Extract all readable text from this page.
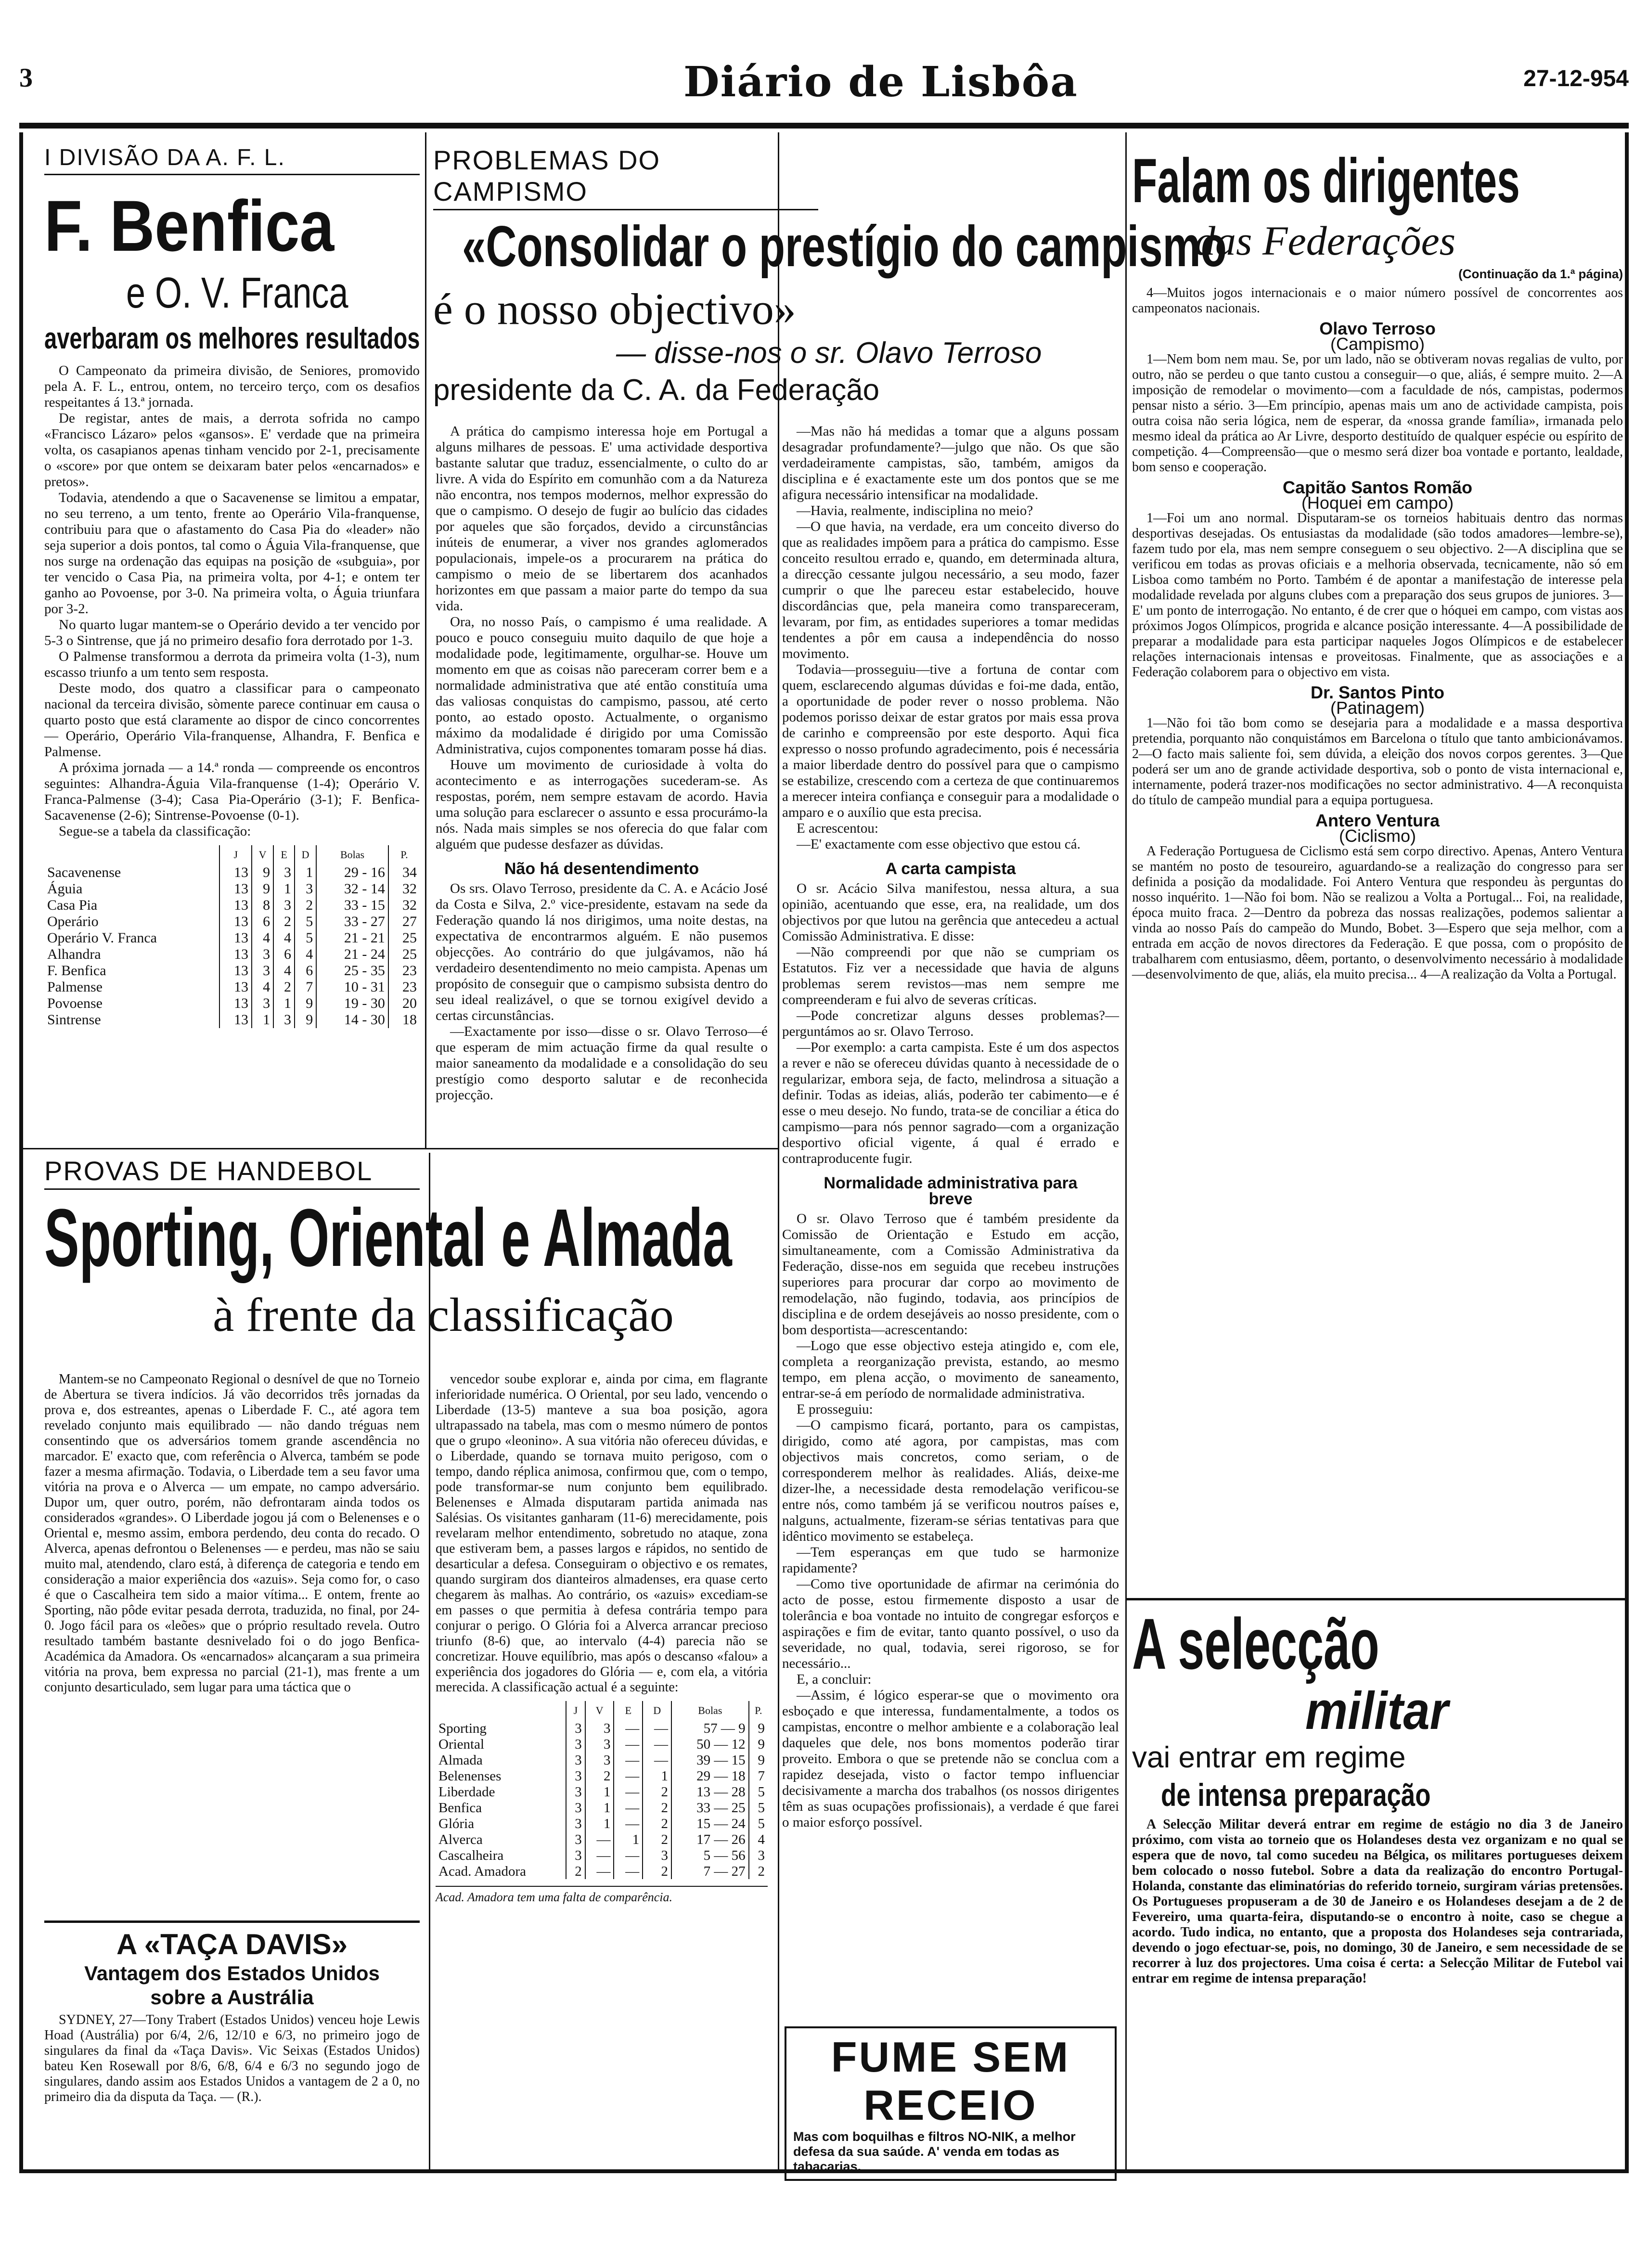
3	Diário de Lisbôa	27-12-954
I DIVISÃO DA A. F. L.
F. Benfica
e O. V. Franca
averbaram os melhores resultados

O Campeonato da primeira divisão, de Seniores, promovido pela A. F. L., entrou, ontem, no terceiro terço, com os desafios respeitantes á 13.ª jornada.

De registar, antes de mais, a derrota sofrida no campo «Francisco Lázaro» pelos «gansos». E' verdade que na primeira volta, os casapianos apenas tinham vencido por 2-1, precisamente o «score» por que ontem se deixaram bater pelos «encarnados» e pretos».

Todavia, atendendo a que o Sacavenense se limitou a empatar, no seu terreno, a um tento, frente ao Operário Vila-franquense, contribuiu para que o afastamento do Casa Pia do «leader» não seja superior a dois pontos, tal como o Águia Vila-franquense, que nos surge na ordenação das equipas na posição de «subguia», por ter vencido o Casa Pia, na primeira volta, por 4-1; e ontem ter ganho ao Povoense, por 3-0. Na primeira volta, o Águia triunfara por 3-2.

No quarto lugar mantem-se o Operário devido a ter vencido por 5-3 o Sintrense, que já no primeiro desafio fora derrotado por 1-3.

O Palmense transformou a derrota da primeira volta (1-3), num escasso triunfo a um tento sem resposta.

Deste modo, dos quatro a classificar para o campeonato nacional da terceira divisão, sòmente parece continuar em causa o quarto posto que está claramente ao dispor de cinco concorrentes — Operário, Operário Vila-franquense, Alhandra, F. Benfica e Palmense.

A próxima jornada — a 14.ª ronda — compreende os encontros seguintes: Alhandra-Águia Vila-franquense (1-4); Operário V. Franca-Palmense (3-4); Casa Pia-Operário (3-1); F. Benfica-Sacavenense (2-6); Sintrense-Povoense (0-1).

Segue-se a tabela da classificação:

	J	V	E	D	Bolas	P.
Sacavenense	13	9	3	1	29 - 16	34
Águia	13	9	1	3	32 - 14	32
Casa Pia	13	8	3	2	33 - 15	32
Operário	13	6	2	5	33 - 27	27
Operário V. Franca	13	4	4	5	21 - 21	25
Alhandra	13	3	6	4	21 - 24	25
F. Benfica	13	3	4	6	25 - 35	23
Palmense	13	4	2	7	10 - 31	23
Povoense	13	3	1	9	19 - 30	20
Sintrense	13	1	3	9	14 - 30	18
PROBLEMAS DO CAMPISMO
«Consolidar o prestígio do campismo
é o nosso objectivo»
— disse-nos o sr. Olavo Terroso
presidente da C. A. da Federação

A prática do campismo interessa hoje em Portugal a alguns milhares de pessoas. E' uma actividade desportiva bastante salutar que traduz, essencialmente, o culto do ar livre. A vida do Espírito em comunhão com a da Natureza não encontra, nos tempos modernos, melhor expressão do que o campismo. O desejo de fugir ao bulício das cidades por aqueles que são forçados, devido a circunstâncias inúteis de enumerar, a viver nos grandes aglomerados populacionais, impele-os a procurarem na prática do campismo o meio de se libertarem dos acanhados horizontes em que passam a maior parte do tempo da sua vida.

Ora, no nosso País, o campismo é uma realidade. A pouco e pouco conseguiu muito daquilo de que hoje a modalidade pode, legitimamente, orgulhar-se. Houve um momento em que as coisas não pareceram correr bem e a normalidade administrativa que até então constituía uma das valiosas conquistas do campismo, passou, até certo ponto, ao estado oposto. Actualmente, o organismo máximo da modalidade é dirigido por uma Comissão Administrativa, cujos componentes tomaram posse há dias.

Houve um movimento de curiosidade à volta do acontecimento e as interrogações sucederam-se. As respostas, porém, nem sempre estavam de acordo. Havia uma solução para esclarecer o assunto e essa procurámo-la nós. Nada mais simples se nos oferecia do que falar com alguém que pudesse desfazer as dúvidas.

Não há desentendimento

Os srs. Olavo Terroso, presidente da C. A. e Acácio José da Costa e Silva, 2.º vice-presidente, estavam na sede da Federação quando lá nos dirigimos, uma noite destas, na expectativa de encontrarmos alguém. E não pusemos objecções. Ao contrário do que julgávamos, não há verdadeiro desentendimento no meio campista. Apenas um propósito de conseguir que o campismo subsista dentro do seu ideal realizável, o que se tornou exigível devido a certas circunstâncias.

—Exactamente por isso—disse o sr. Olavo Terroso—é que esperam de mim actuação firme da qual resulte o maior saneamento da modalidade e a consolidação do seu prestígio como desporto salutar e de reconhecida projecção.

—Mas não há medidas a tomar que a alguns possam desagradar profundamente?—julgo que não. Os que são verdadeiramente campistas, são, também, amigos da disciplina e é exactamente este um dos pontos que se me afigura necessário intensificar na modalidade.

—Havia, realmente, indisciplina no meio?

—O que havia, na verdade, era um conceito diverso do que as realidades impõem para a prática do campismo. Esse conceito resultou errado e, quando, em determinada altura, a direcção cessante julgou necessário, a seu modo, fazer cumprir o que lhe pareceu estar estabelecido, houve discordâncias que, pela maneira como transpareceram, levaram, por fim, as entidades superiores a tomar medidas tendentes a pôr em causa a independência do nosso movimento.

Todavia—prosseguiu—tive a fortuna de contar com quem, esclarecendo algumas dúvidas e foi-me dada, então, a oportunidade de poder rever o nosso problema. Não podemos porisso deixar de estar gratos por mais essa prova de carinho e compreensão por este desporto. Aqui fica expresso o nosso profundo agradecimento, pois é necessária a maior liberdade dentro do possível para que o campismo se estabilize, crescendo com a certeza de que continuaremos a merecer inteira confiança e conseguir para a modalidade o amparo e o auxílio que esta precisa.

E acrescentou:

—E' exactamente com esse objectivo que estou cá.

A carta campista

O sr. Acácio Silva manifestou, nessa altura, a sua opinião, acentuando que esse, era, na realidade, um dos objectivos por que lutou na gerência que antecedeu a actual Comissão Administrativa. E disse:

—Não compreendi por que não se cumpriam os Estatutos. Fiz ver a necessidade que havia de alguns problemas serem revistos—mas nem sempre me compreenderam e fui alvo de severas críticas.

—Pode concretizar alguns desses problemas?—perguntámos ao sr. Olavo Terroso.

—Por exemplo: a carta campista. Este é um dos aspectos a rever e não se ofereceu dúvidas quanto à necessidade de o regularizar, embora seja, de facto, melindrosa a situação a definir. Todas as ideias, aliás, poderão ter cabimento—e é esse o meu desejo. No fundo, trata-se de conciliar a ética do campismo—para nós pennor sagrado—com a organização desportivo oficial vigente, á qual é errado e contraproducente fugir.

Normalidade administrativa para breve

O sr. Olavo Terroso que é também presidente da Comissão de Orientação e Estudo em acção, simultaneamente, com a Comissão Administrativa da Federação, disse-nos em seguida que recebeu instruções superiores para procurar dar corpo ao movimento de remodelação, não fugindo, todavia, aos princípios de disciplina e de ordem desejáveis ao nosso presidente, com o bom desportista—acrescentando:

—Logo que esse objectivo esteja atingido e, com ele, completa a reorganização prevista, estando, ao mesmo tempo, em plena acção, o movimento de saneamento, entrar-se-á em período de normalidade administrativa.

E prosseguiu:

—O campismo ficará, portanto, para os campistas, dirigido, como até agora, por campistas, mas com objectivos mais concretos, como seriam, o de corresponderem melhor às realidades. Aliás, deixe-me dizer-lhe, a necessidade desta remodelação verificou-se entre nós, como também já se verificou noutros países e, nalguns, actualmente, fizeram-se sérias tentativas para que idêntico movimento se estabeleça.

—Tem esperanças em que tudo se harmonize rapidamente?

—Como tive oportunidade de afirmar na cerimónia do acto de posse, estou firmemente disposto a usar de tolerância e boa vontade no intuito de congregar esforços e aspirações e fim de evitar, tanto quanto possível, o uso da severidade, no qual, todavia, serei rigoroso, se for necessário...

E, a concluir:

—Assim, é lógico esperar-se que o movimento ora esboçado e que interessa, fundamentalmente, a todos os campistas, encontre o melhor ambiente e a colaboração leal daqueles que dele, nos bons momentos poderão tirar proveito. Embora o que se pretende não se conclua com a rapidez desejada, visto o factor tempo influenciar decisivamente a marcha dos trabalhos (os nossos dirigentes têm as suas ocupações profissionais), a verdade é que farei o maior esforço possível.

PROVAS DE HANDEBOL
Sporting, Oriental e Almada
à frente da classificação

Mantem-se no Campeonato Regional o desnível de que no Torneio de Abertura se tivera indícios. Já vão decorridos três jornadas da prova e, dos estreantes, apenas o Liberdade F. C., até agora tem revelado conjunto mais equilibrado — não dando tréguas nem consentindo que os adversários tomem grande ascendência no marcador. E' exacto que, com referência o Alverca, também se pode fazer a mesma afirmação. Todavia, o Liberdade tem a seu favor uma vitória na prova e o Alverca — um empate, no campo adversário. Dupor um, quer outro, porém, não defrontaram ainda todos os considerados «grandes». O Liberdade jogou já com o Belenenses e o Oriental e, mesmo assim, embora perdendo, deu conta do recado. O Alverca, apenas defrontou o Belenenses — e perdeu, mas não se saiu muito mal, atendendo, claro está, à diferença de categoria e tendo em consideração a maior experiência dos «azuis». Seja como for, o caso é que o Cascalheira tem sido a maior vítima... E ontem, frente ao Sporting, não pôde evitar pesada derrota, traduzida, no final, por 24-0. Jogo fácil para os «leões» que o próprio resultado revela. Outro resultado também bastante desnivelado foi o do jogo Benfica-Académica da Amadora. Os «encarnados» alcançaram a sua primeira vitória na prova, bem expressa no parcial (21-1), mas frente a um conjunto desarticulado, sem lugar para uma táctica que o

vencedor soube explorar e, ainda por cima, em flagrante inferioridade numérica. O Oriental, por seu lado, vencendo o Liberdade (13-5) manteve a sua boa posição, agora ultrapassado na tabela, mas com o mesmo número de pontos que o grupo «leonino». A sua vitória não ofereceu dúvidas, e o Liberdade, quando se tornava muito perigoso, com o tempo, dando réplica animosa, confirmou que, com o tempo, pode transformar-se num conjunto bem equilibrado. Belenenses e Almada disputaram partida animada nas Salésias. Os visitantes ganharam (11-6) merecidamente, pois revelaram melhor entendimento, sobretudo no ataque, zona que estiveram bem, a passes largos e rápidos, no sentido de desarticular a defesa. Conseguiram o objectivo e os remates, quando surgiram dos dianteiros almadenses, era quase certo chegarem às malhas. Ao contrário, os «azuis» excediam-se em passes o que permitia à defesa contrária tempo para conjurar o perigo. O Glória foi a Alverca arrancar precioso triunfo (8-6) que, ao intervalo (4-4) parecia não se concretizar. Houve equilíbrio, mas após o descanso «falou» a experiência dos jogadores do Glória — e, com ela, a vitória merecida. A classificação actual é a seguinte:

	J	V	E	D	Bolas	P.
Sporting	3	3	—	—	57 — 9	9
Oriental	3	3	—	—	50 — 12	9
Almada	3	3	—	—	39 — 15	9
Belenenses	3	2	—	1	29 — 18	7
Liberdade	3	1	—	2	13 — 28	5
Benfica	3	1	—	2	33 — 25	5
Glória	3	1	—	2	15 — 24	5
Alverca	3	—	1	2	17 — 26	4
Cascalheira	3	—	—	3	5 — 56	3
Acad. Amadora	2	—	—	2	7 — 27	2
Acad. Amadora tem uma falta de comparência.
A «TAÇA DAVIS»
Vantagem dos Estados Unidos
sobre a Austrália

SYDNEY, 27—Tony Trabert (Estados Unidos) venceu hoje Lewis Hoad (Austrália) por 6/4, 2/6, 12/10 e 6/3, no primeiro jogo de singulares da final da «Taça Davis». Vic Seixas (Estados Unidos) bateu Ken Rosewall por 8/6, 6/8, 6/4 e 6/3 no segundo jogo de singulares, dando assim aos Estados Unidos a vantagem de 2 a 0, no primeiro dia da disputa da Taça. — (R.).

FUME SEM RECEIO
Mas com boquilhas e filtros NO-NIK, a melhor defesa da sua saúde. A' venda em todas as tabacarias.
Falam os dirigentes
das Federações
(Continuação da 1.ª página)

4—Muitos jogos internacionais e o maior número possível de concorrentes aos campeonatos nacionais.

Olavo Terroso
(Campismo)

1—Nem bom nem mau. Se, por um lado, não se obtiveram novas regalias de vulto, por outro, não se perdeu o que tanto custou a conseguir—o que, aliás, é sempre muito. 2—A imposição de remodelar o movimento—com a faculdade de nós, campistas, podermos pensar nisto a sério. 3—Em princípio, apenas mais um ano de actividade campista, pois outra coisa não seria lógica, nem de esperar, da «nossa grande família», irmanada pelo mesmo ideal da prática ao Ar Livre, desporto destituído de qualquer espécie ou espírito de competição. 4—Compreensão—que o mesmo será dizer boa vontade e portanto, lealdade, bom senso e cooperação.

Capitão Santos Romão
(Hoquei em campo)

1—Foi um ano normal. Disputaram-se os torneios habituais dentro das normas desportivas desejadas. Os entusiastas da modalidade (são todos amadores—lembre-se), fazem tudo por ela, mas nem sempre conseguem o seu objectivo. 2—A disciplina que se verificou em todas as provas oficiais e a melhoria observada, tecnicamente, não só em Lisboa como também no Porto. Também é de apontar a manifestação de interesse pela modalidade revelada por alguns clubes com a preparação dos seus grupos de juniores. 3—E' um ponto de interrogação. No entanto, é de crer que o hóquei em campo, com vistas aos próximos Jogos Olímpicos, progrida e alcance posição interessante. 4—A possibilidade de preparar a modalidade para esta participar naqueles Jogos Olímpicos e de estabelecer relações internacionais intensas e proveitosas. Finalmente, que as associações e a Federação colaborem para o objectivo em vista.

Dr. Santos Pinto
(Patinagem)

1—Não foi tão bom como se desejaria para a modalidade e a massa desportiva pretendia, porquanto não conquistámos em Barcelona o título que tanto ambicionávamos. 2—O facto mais saliente foi, sem dúvida, a eleição dos novos corpos gerentes. 3—Que poderá ser um ano de grande actividade desportiva, sob o ponto de vista internacional e, internamente, poderá trazer-nos modificações no sector administrativo. 4—A reconquista do título de campeão mundial para a equipa portuguesa.

Antero Ventura
(Ciclismo)

A Federação Portuguesa de Ciclismo está sem corpo directivo. Apenas, Antero Ventura se mantém no posto de tesoureiro, aguardando-se a realização do congresso para ser definida a posição da modalidade. Foi Antero Ventura que respondeu às perguntas do nosso inquérito. 1—Não foi bom. Não se realizou a Volta a Portugal... Foi, na realidade, época muito fraca. 2—Dentro da pobreza das nossas realizações, podemos salientar a vinda ao nosso País do campeão do Mundo, Bobet. 3—Espero que seja melhor, com a entrada em acção de novos directores da Federação. E que possa, com o propósito de trabalharem com entusiasmo, dêem, portanto, o desenvolvimento necessário à modalidade—desenvolvimento de que, aliás, ela muito precisa... 4—A realização da Volta a Portugal.

A selecção
militar
vai entrar em regime
de intensa preparação

A Selecção Militar deverá entrar em regime de estágio no dia 3 de Janeiro próximo, com vista ao torneio que os Holandeses desta vez organizam e no qual se espera que de novo, tal como sucedeu na Bélgica, os militares portugueses deixem bem colocado o nosso futebol. Sobre a data da realização do encontro Portugal-Holanda, constante das eliminatórias do referido torneio, surgiram várias pretensões. Os Portugueses propuseram a de 30 de Janeiro e os Holandeses desejam a de 2 de Fevereiro, uma quarta-feira, disputando-se o encontro à noite, caso se chegue a acordo. Tudo indica, no entanto, que a proposta dos Holandeses seja contrariada, devendo o jogo efectuar-se, pois, no domingo, 30 de Janeiro, e sem necessidade de se recorrer à luz dos projectores. Uma coisa é certa: a Selecção Militar de Futebol vai entrar em regime de intensa preparação!
